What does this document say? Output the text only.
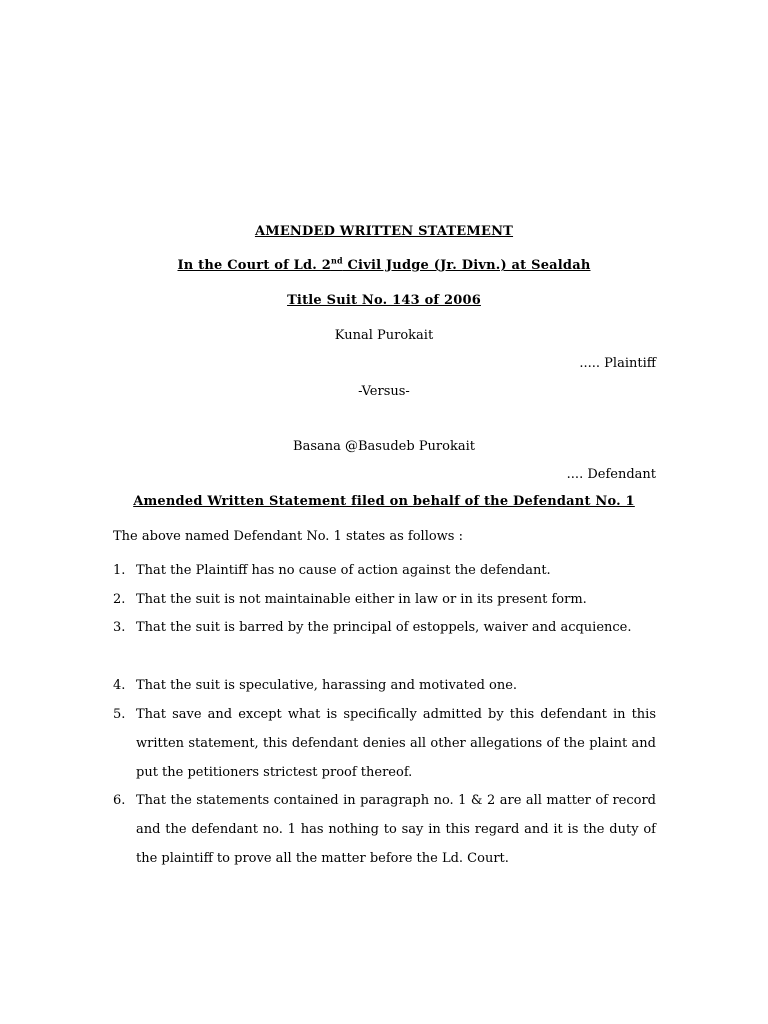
AMENDED WRITTEN STATEMENT
In the Court of Ld. 2nd Civil Judge (Jr. Divn.) at Sealdah
Title Suit No. 143 of 2006
Kunal Purokait
..... Plaintiff
-Versus-
Basana @Basudeb Purokait
.... Defendant
Amended Written Statement filed on behalf of the Defendant No. 1
The above named Defendant No. 1 states as follows :
1. That the Plaintiff has no cause of action against the defendant.
2. That the suit is not maintainable either in law or in its present form.
3. That the suit is barred by the principal of estoppels, waiver and acquience.
4. That the suit is speculative, harassing and motivated one.
5. That save and except what is specifically admitted by this defendant in this written statement, this defendant denies all other allegations of the plaint and put the petitioners strictest proof thereof.
6. That the statements contained in paragraph no. 1 & 2 are all matter of record and the defendant no. 1 has nothing to say in this regard and it is the duty of the plaintiff to prove all the matter before the Ld. Court.
